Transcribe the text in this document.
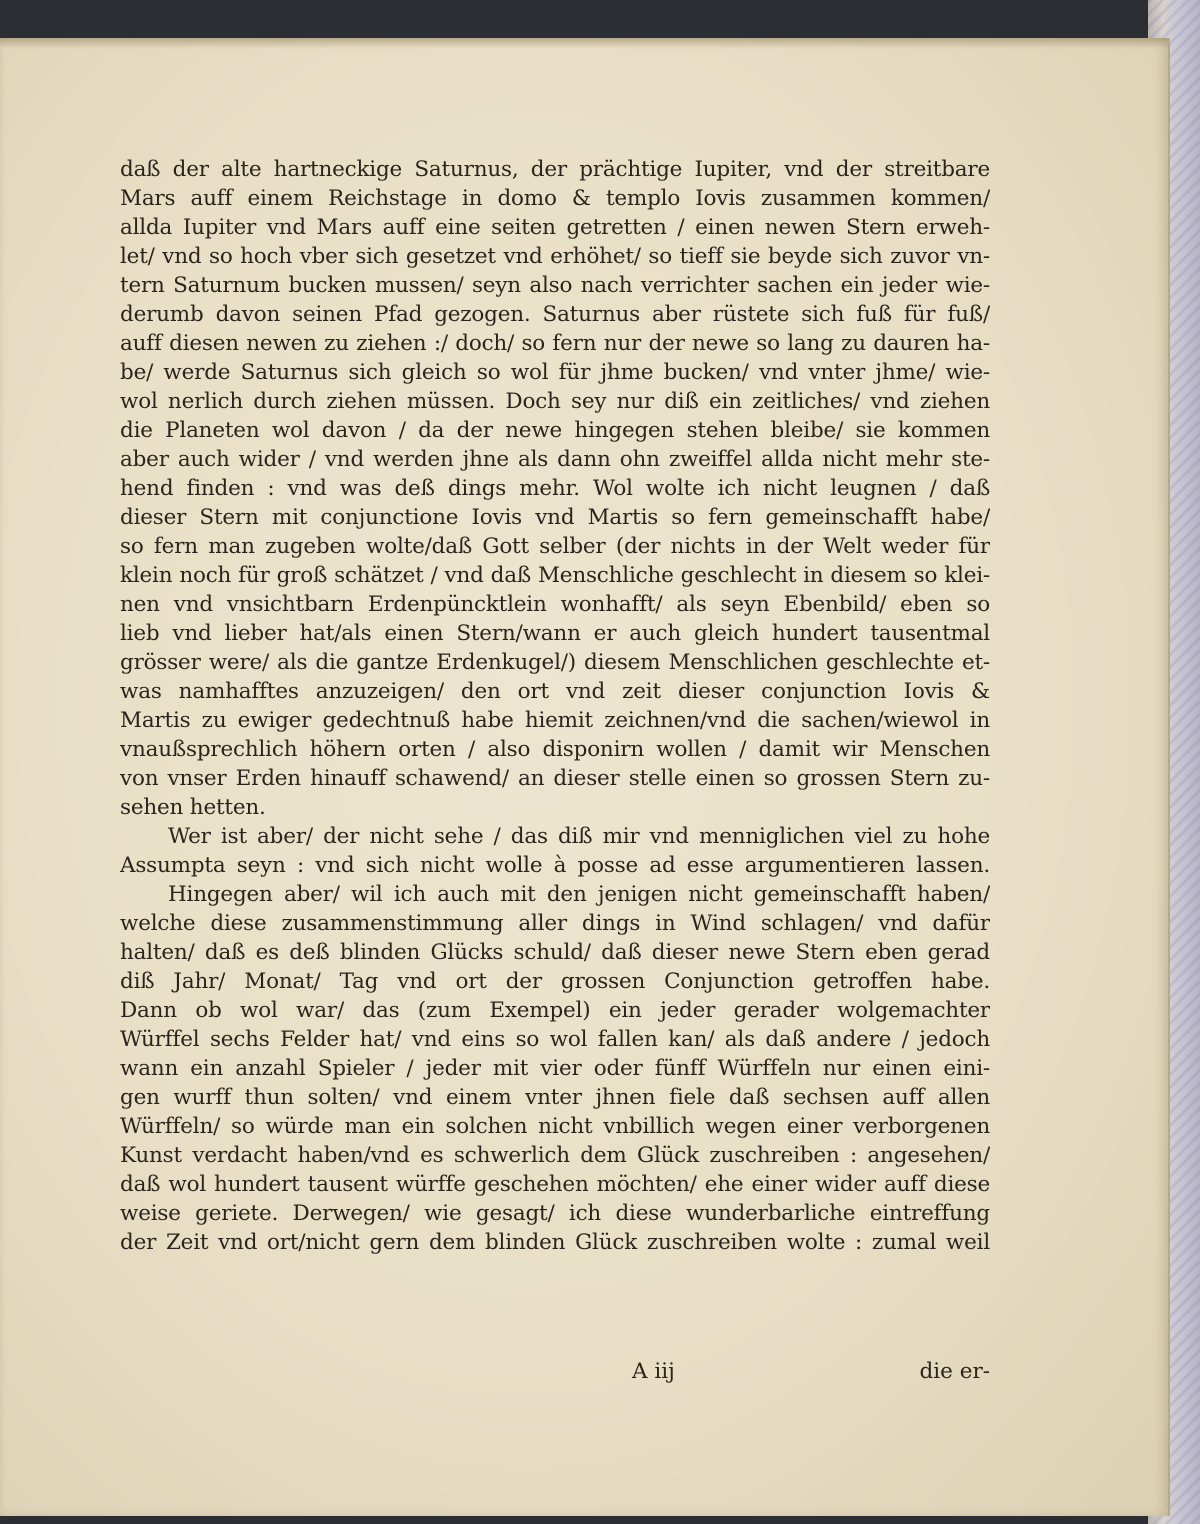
daß der alte hartneckige Saturnus, der prächtige Iupiter, vnd der streitbare
Mars auff einem Reichstage in domo & templo Iovis zusammen kommen/
allda Iupiter vnd Mars auff eine seiten getretten / einen newen Stern erweh-
let/ vnd so hoch vber sich gesetzet vnd erhöhet/ so tieff sie beyde sich zuvor vn-
tern Saturnum bucken mussen/ seyn also nach verrichter sachen ein jeder wie-
derumb davon seinen Pfad gezogen. Saturnus aber rüstete sich fuß für fuß/
auff diesen newen zu ziehen :/ doch/ so fern nur der newe so lang zu dauren ha-
be/ werde Saturnus sich gleich so wol für jhme bucken/ vnd vnter jhme/ wie-
wol nerlich durch ziehen müssen. Doch sey nur diß ein zeitliches/ vnd ziehen
die Planeten wol davon / da der newe hingegen stehen bleibe/ sie kommen
aber auch wider / vnd werden jhne als dann ohn zweiffel allda nicht mehr ste-
hend finden : vnd was deß dings mehr. Wol wolte ich nicht leugnen / daß
dieser Stern mit conjunctione Iovis vnd Martis so fern gemeinschafft habe/
so fern man zugeben wolte/daß Gott selber (der nichts in der Welt weder für
klein noch für groß schätzet / vnd daß Menschliche geschlecht in diesem so klei-
nen vnd vnsichtbarn Erdenpüncktlein wonhafft/ als seyn Ebenbild/ eben so
lieb vnd lieber hat/als einen Stern/wann er auch gleich hundert tausentmal
grösser were/ als die gantze Erdenkugel/) diesem Menschlichen geschlechte et-
was namhafftes anzuzeigen/ den ort vnd zeit dieser conjunction Iovis &
Martis zu ewiger gedechtnuß habe hiemit zeichnen/vnd die sachen/wiewol in
vnaußsprechlich höhern orten / also disponirn wollen / damit wir Menschen
von vnser Erden hinauff schawend/ an dieser stelle einen so grossen Stern zu-
sehen hetten.
Wer ist aber/ der nicht sehe / das diß mir vnd menniglichen viel zu hohe
Assumpta seyn : vnd sich nicht wolle à posse ad esse argumentieren lassen.
Hingegen aber/ wil ich auch mit den jenigen nicht gemeinschafft haben/
welche diese zusammenstimmung aller dings in Wind schlagen/ vnd dafür
halten/ daß es deß blinden Glücks schuld/ daß dieser newe Stern eben gerad
diß Jahr/ Monat/ Tag vnd ort der grossen Conjunction getroffen habe.
Dann ob wol war/ das (zum Exempel) ein jeder gerader wolgemachter
Würffel sechs Felder hat/ vnd eins so wol fallen kan/ als daß andere / jedoch
wann ein anzahl Spieler / jeder mit vier oder fünff Würffeln nur einen eini-
gen wurff thun solten/ vnd einem vnter jhnen fiele daß sechsen auff allen
Würffeln/ so würde man ein solchen nicht vnbillich wegen einer verborgenen
Kunst verdacht haben/vnd es schwerlich dem Glück zuschreiben : angesehen/
daß wol hundert tausent würffe geschehen möchten/ ehe einer wider auff diese
weise geriete. Derwegen/ wie gesagt/ ich diese wunderbarliche eintreffung
der Zeit vnd ort/nicht gern dem blinden Glück zuschreiben wolte : zumal weil
A iij	die er-
